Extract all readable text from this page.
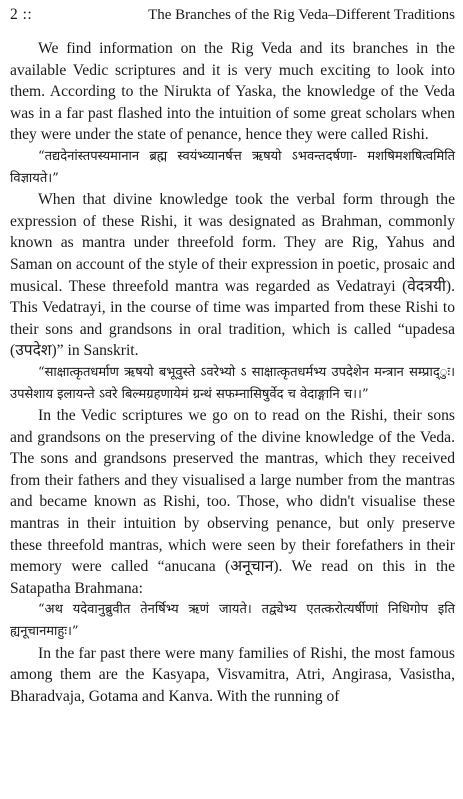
2 ::	The Branches of the Rig Veda–Different Traditions

We find information on the Rig Veda and its branches in the available Vedic scriptures and it is very much exciting to look into them. According to the Nirukta of Yaska, the knowledge of the Veda was in a far past flashed into the intuition of some great scholars when they were under the state of penance, hence they were called Rishi.

“तद्यदेनांस्तपस्यमानान ब्रह्म स्वयंभ्व्यानर्षत्त ऋषयो ऽभवन्तदर्षणा- मशषिमशषित्वमिति विज्ञायते।”

When that divine knowledge took the verbal form through the expression of these Rishi, it was designated as Brahman, commonly known as mantra under threefold form. They are Rig, Yahus and Saman on account of the style of their expression in poetic, prosaic and musical. These threefold mantra was regarded as Vedatrayi (वेदत्रयी). This Vedatrayi, in the course of time was imparted from these Rishi to their sons and grandsons in oral tradition, which is called “upadesa (उपदेश)” in Sanskrit.

“साक्षात्कृतधर्माण ऋषयो बभूवुस्ते ऽवरेभ्यो ऽ साक्षात्कृतधर्मभ्य उपदेशेन मन्त्रान सम्प्राद्ुः। उपसेशाय इलायन्ते ऽवरे बिल्मग्रहणायेमं ग्रन्थं सफम्नासिषुर्वेद च वेदाङ्गानि च।।”

In the Vedic scriptures we go on to read on the Rishi, their sons and grandsons on the preserving of the divine knowledge of the Veda. The sons and grandsons preserved the mantras, which they received from their fathers and they visualised a large number from the mantras and became known as Rishi, too. Those, who didn't visualise these mantras in their intuition by observing penance, but only preserve these threefold mantras, which were seen by their forefathers in their memory were called “anucana (अनूचान). We read on this in the Satapatha Brahmana:

“अथ यदेवानुब्रुवीत तेनर्षिभ्य ऋणं जायते। तद्व्येभ्य एतत्करोत्यर्षीणां निधिगोप इति ह्यनूचानमाहुः।”

In the far past there were many families of Rishi, the most famous among them are the Kasyapa, Visvamitra, Atri, Angirasa, Vasistha, Bharadvaja, Gotama and Kanva. With the running of
